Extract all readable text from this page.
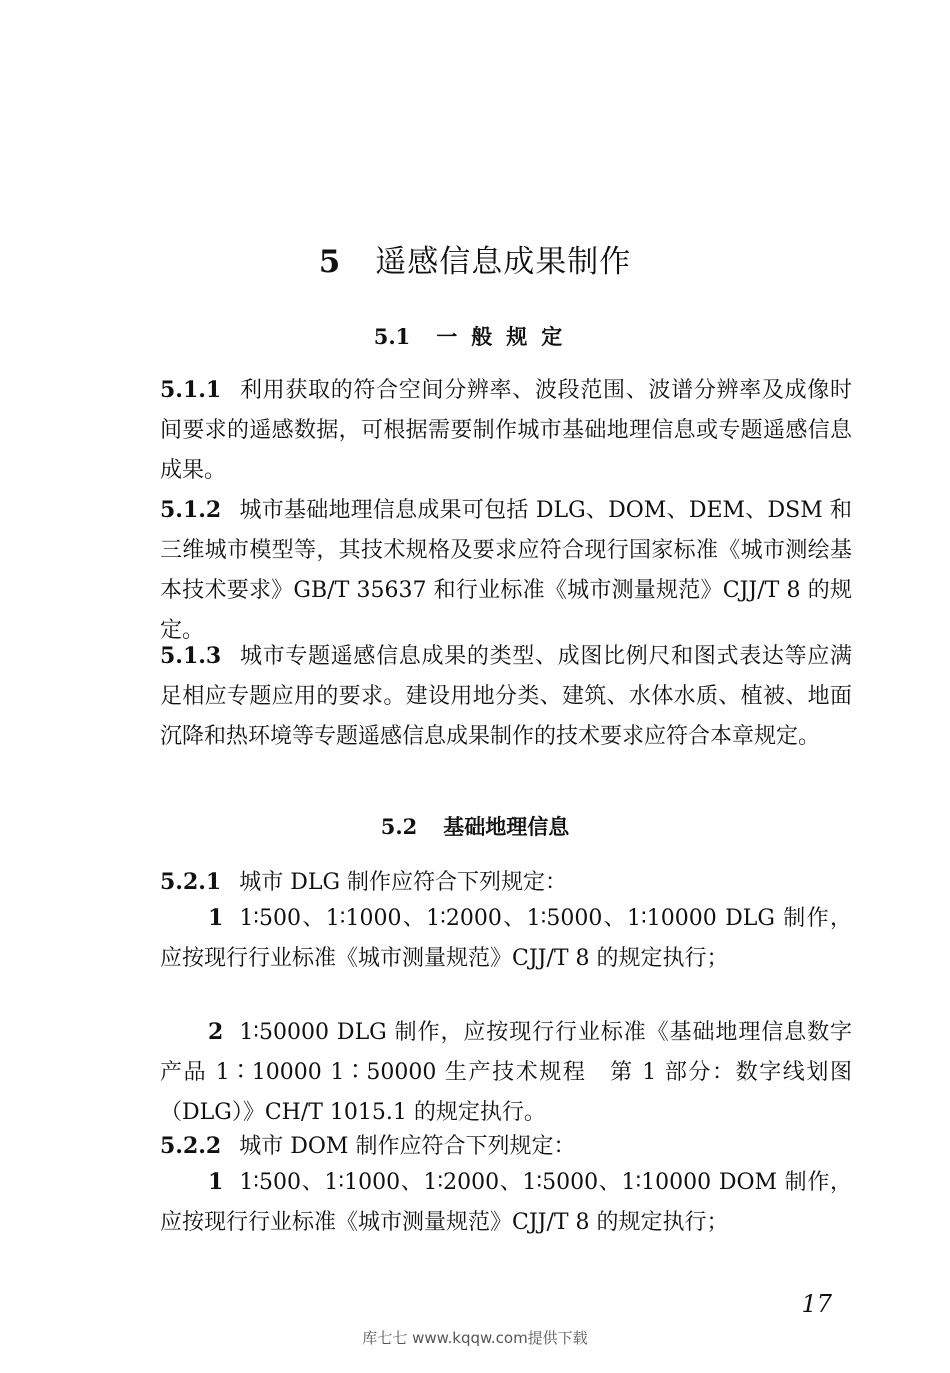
5 遥感信息成果制作
5.1 一般规定

5.1.1 利用获取的符合空间分辨率、波段范围、波谱分辨率及成像时间要求的遥感数据，可根据需要制作城市基础地理信息或专题遥感信息成果。

5.1.2 城市基础地理信息成果可包括 DLG、DOM、DEM、DSM 和三维城市模型等，其技术规格及要求应符合现行国家标准《城市测绘基本技术要求》GB/T 35637 和行业标准《城市测量规范》CJJ/T 8 的规定。

5.1.3 城市专题遥感信息成果的类型、成图比例尺和图式表达等应满足相应专题应用的要求。建设用地分类、建筑、水体水质、植被、地面沉降和热环境等专题遥感信息成果制作的技术要求应符合本章规定。

5.2 基础地理信息

5.2.1 城市 DLG 制作应符合下列规定：

1 1∶500、1∶1000、1∶2000、1∶5000、1∶10000 DLG 制作，应按现行行业标准《城市测量规范》CJJ/T 8 的规定执行；

2 1∶50000 DLG 制作，应按现行行业标准《基础地理信息数字产品 1∶10000 1∶50000 生产技术规程　第 1 部分：数字线划图（DLG）》CH/T 1015.1 的规定执行。

5.2.2 城市 DOM 制作应符合下列规定：

1 1∶500、1∶1000、1∶2000、1∶5000、1∶10000 DOM 制作，应按现行行业标准《城市测量规范》CJJ/T 8 的规定执行；

17
库七七 www.kqqw.com提供下载
